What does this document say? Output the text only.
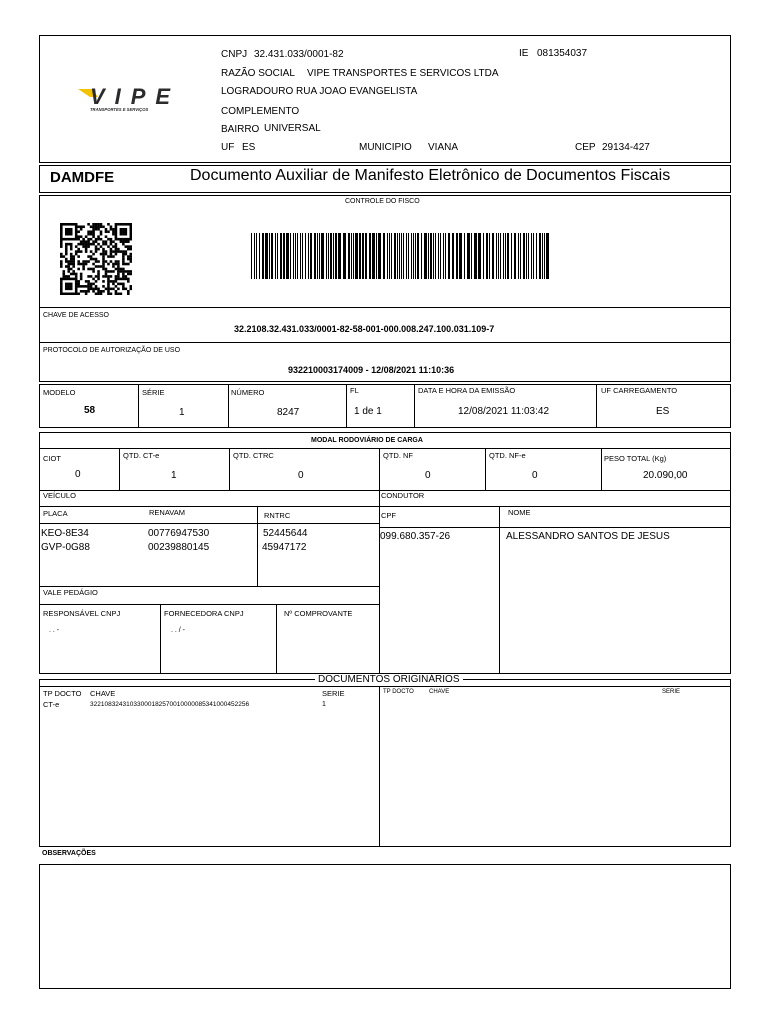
VIPE
TRANSPORTES E SERVIÇOS
CNPJ 32.431.033/0001-82	IE 081354037
RAZÃO SOCIAL VIPE TRANSPORTES E SERVICOS LTDA
LOGRADOURO RUA JOAO EVANGELISTA
COMPLEMENTO
BAIRRO UNIVERSAL
UF ES	MUNICIPIO VIANA	CEP 29134-427
DAMDFE	Documento Auxiliar de Manifesto Eletrônico de Documentos Fiscais
CONTROLE DO FISCO
CHAVE DE ACESSO
32.2108.32.431.033/0001-82-58-001-000.008.247.100.031.109-7
PROTOCOLO DE AUTORIZAÇÃO DE USO
932210003174009 - 12/08/2021 11:10:36
MODELO
58
SÉRIE
1
NÚMERO
8247
FL
1 de 1
DATA E HORA DA EMISSÃO
12/08/2021 11:03:42
UF CARREGAMENTO
ES
MODAL RODOVIÁRIO DE CARGA
CIOT
0
QTD. CT-e
1
QTD. CTRC
0
QTD. NF
0
QTD. NF-e
0
PESO TOTAL (Kg)
20.090,00
VEÍCULO	CONDUTOR
PLACA	RENAVAM	RNTRC
KEO-8E34	00776947530	52445644
GVP-0G88	00239880145	45947172
CPF	NOME
099.680.357-26	ALESSANDRO SANTOS DE JESUS
VALE PEDÁGIO
RESPONSÁVEL CNPJ	FORNECEDORA CNPJ	Nº COMPROVANTE
. . -	. . / -
DOCUMENTOS ORIGINÁRIOS
TP DOCTO CHAVE	SERIE
CT-e	32210832431033000182570010000085341000452256	1
TP DOCTO	CHAVE	SERIE
OBSERVAÇÕES
